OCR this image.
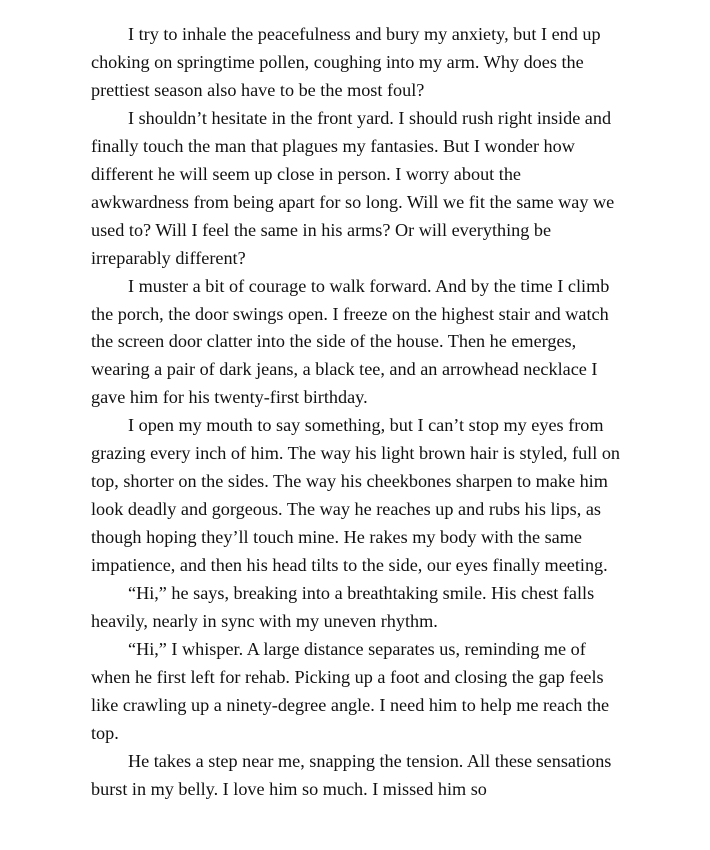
I try to inhale the peacefulness and bury my anxiety, but I end up choking on springtime pollen, coughing into my arm. Why does the prettiest season also have to be the most foul?

I shouldn’t hesitate in the front yard. I should rush right inside and finally touch the man that plagues my fantasies. But I wonder how different he will seem up close in person. I worry about the awkwardness from being apart for so long. Will we fit the same way we used to? Will I feel the same in his arms? Or will everything be irreparably different?

I muster a bit of courage to walk forward. And by the time I climb the porch, the door swings open. I freeze on the highest stair and watch the screen door clatter into the side of the house. Then he emerges, wearing a pair of dark jeans, a black tee, and an arrowhead necklace I gave him for his twenty-first birthday.

I open my mouth to say something, but I can’t stop my eyes from grazing every inch of him. The way his light brown hair is styled, full on top, shorter on the sides. The way his cheekbones sharpen to make him look deadly and gorgeous. The way he reaches up and rubs his lips, as though hoping they’ll touch mine. He rakes my body with the same impatience, and then his head tilts to the side, our eyes finally meeting.

“Hi,” he says, breaking into a breathtaking smile. His chest falls heavily, nearly in sync with my uneven rhythm.

“Hi,” I whisper. A large distance separates us, reminding me of when he first left for rehab. Picking up a foot and closing the gap feels like crawling up a ninety-degree angle. I need him to help me reach the top.

He takes a step near me, snapping the tension. All these sensations burst in my belly. I love him so much. I missed him so
